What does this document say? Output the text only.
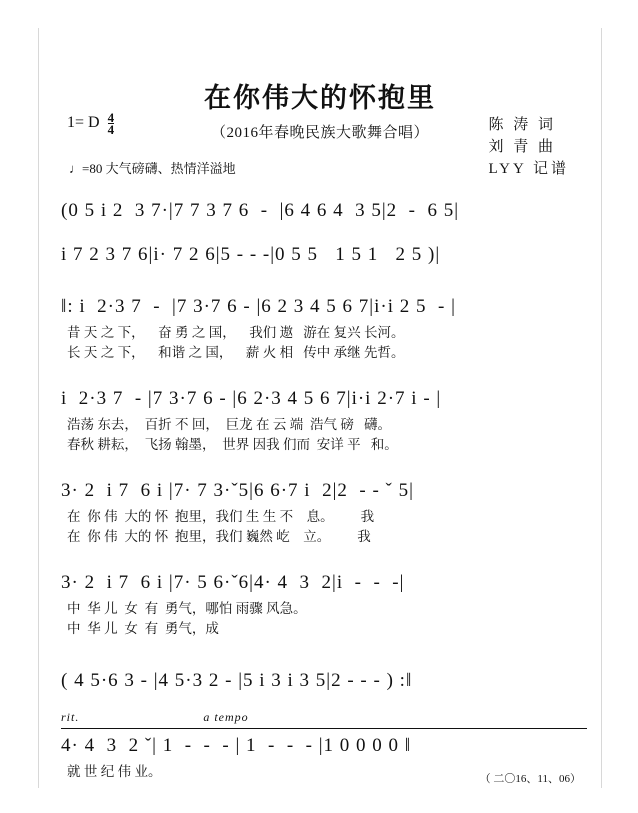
在你伟大的怀抱里
（2016年春晚民族大歌舞合唱）	陈 涛 词
刘 青 曲
LYY 记谱
1= D $\frac{4}{4}$
♩=80 大气磅礴、热情洋溢地
(0 5 i 2  3 7·|7 7 3 7 6  -  |6 4 6 4  3 5|2  -  6 5|
i 7 2 3 7 6|i· 7 2 6|5 - - -|0 5 5   1 5 1   2 5 )|
‖: i  2·3 7  -  |7 3·7 6 - |6 2 3 4 5 6 7|i·i 2 5  - |
昔 天 之 下，    奋 勇 之 国，    我们 遨   游在 复兴 长河。
长 天 之 下，    和谐 之 国，    薪 火 相   传中 承继 先哲。
i  2·3 7  - |7 3·7 6 - |6 2·3 4 5 6 7|i·i 2·7 i - |
浩荡 东去，  百折 不 回，  巨龙 在 云 端  浩气 磅   礴。
春秋 耕耘，  飞扬 翰墨，  世界 因我 们而  安详 平   和。
3· 2  i 7  6 i |7· 7 3·ˇ5|6 6·7 i  2|2  - - ˇ 5|
在  你 伟  大的 怀  抱里，我们 生 生 不    息。        我
在  你 伟  大的 怀  抱里，我们 巍然 屹    立。        我
3· 2  i 7  6 i |7· 5 6·ˇ6|4· 4  3  2|i  -  -  -|
中  华 儿  女  有  勇气，哪怕 雨骤 风急。
中  华 儿  女  有  勇气，成
( 4 5·6 3 - |4 5·3 2 - |5 i 3 i 3 5|2 - - - ) :‖
rit.	a tempo
4· 4  3  2 ˇ| 1  -  -  - | 1  -  -  - |1 0 0 0 0 ‖
就 世 纪 伟 业。	（ 二〇16、11、06）
